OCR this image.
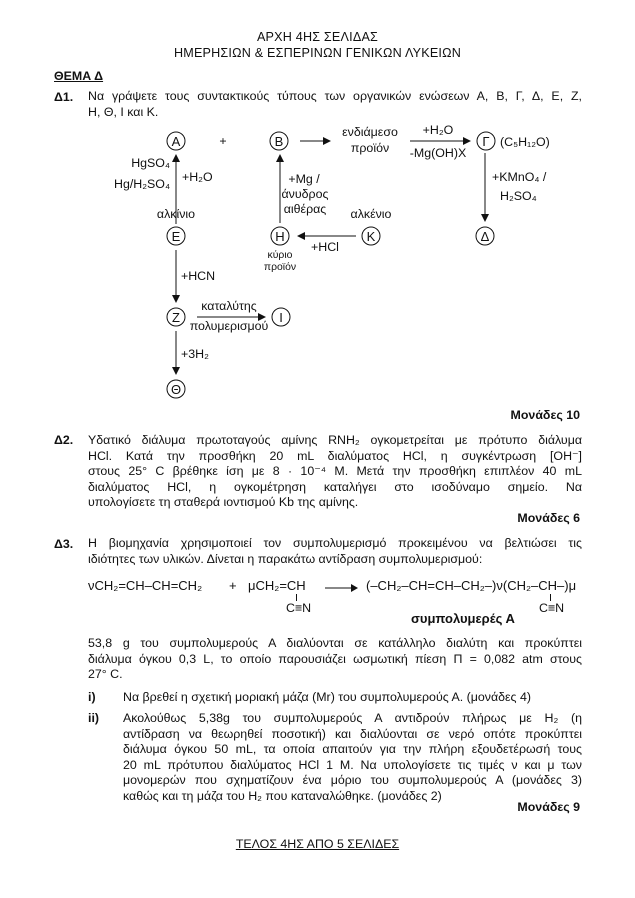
ΑΡΧΗ 4ΗΣ ΣΕΛΙΔΑΣ
ΗΜΕΡΗΣΙΩΝ & ΕΣΠΕΡΙΝΩΝ ΓΕΝΙΚΩΝ ΛΥΚΕΙΩΝ
ΘΕΜΑ Δ
Δ1. Να γράψετε τους συντακτικούς τύπους των οργανικών ενώσεων Α, Β, Γ, Δ, Ε, Ζ,
Η, Θ, Ι και Κ.
Α	Β	Γ
Ε	Η	Κ	Δ
Ζ	Ι
Θ
+
ενδιάμεσο
προϊόν
+H₂O
-Mg(OH)X
(C₅H₁₂O)
HgSO₄
Hg/H₂SO₄ +H₂O	+Mg /
άνυδρος
αιθέρας
+KMnO₄ /
H₂SO₄
αλκίνιο	αλκένιο
κύριο
προϊόν
+HCl
+HCN
καταλύτης
πολυμερισμού
+3H₂
Μονάδες 10
Δ2. Υδατικό διάλυμα πρωτοταγούς αμίνης RNH₂ ογκομετρείται με πρότυπο διάλυμα
HCl. Κατά την προσθήκη 20 mL διαλύματος HCl, η συγκέντρωση [OH⁻]
στους 25° C βρέθηκε ίση με 8 · 10⁻⁴ M. Μετά την προσθήκη επιπλέον 40 mL
διαλύματος HCl, η ογκομέτρηση καταλήγει στο ισοδύναμο σημείο. Να
υπολογίσετε τη σταθερά ιοντισμού Kb της αμίνης.
Μονάδες 6
Δ3. Η βιομηχανία χρησιμοποιεί τον συμπολυμερισμό προκειμένου να βελτιώσει τις
ιδιότητες των υλικών. Δίνεται η παρακάτω αντίδραση συμπολυμερισμού:
νCH₂=CH–CH=CH₂ + μCH₂=CH
C≡N
→ (–CH₂–CH=CH–CH₂–)ν(CH₂–CH–)μ
C≡N
συμπολυμερές Α
53,8 g του συμπολυμερούς Α διαλύονται σε κατάλληλο διαλύτη και προκύπτει
διάλυμα όγκου 0,3 L, το οποίο παρουσιάζει ωσμωτική πίεση Π = 0,082 atm στους
27° C.
i) Να βρεθεί η σχετική μοριακή μάζα (Mr) του συμπολυμερούς Α. (μονάδες 4)
ii) Ακολούθως 5,38g του συμπολυμερούς Α αντιδρούν πλήρως με H₂ (η
αντίδραση να θεωρηθεί ποσοτική) και διαλύονται σε νερό οπότε προκύπτει
διάλυμα όγκου 50 mL, τα οποία απαιτούν για την πλήρη εξουδετέρωσή τους
20 mL πρότυπου διαλύματος HCl 1 M. Να υπολογίσετε τις τιμές ν και μ των
μονομερών που σχηματίζουν ένα μόριο του συμπολυμερούς Α (μονάδες 3)
καθώς και τη μάζα του H₂ που καταναλώθηκε. (μονάδες 2)
Μονάδες 9
ΤΕΛΟΣ 4ΗΣ ΑΠΟ 5 ΣΕΛΙΔΕΣ
